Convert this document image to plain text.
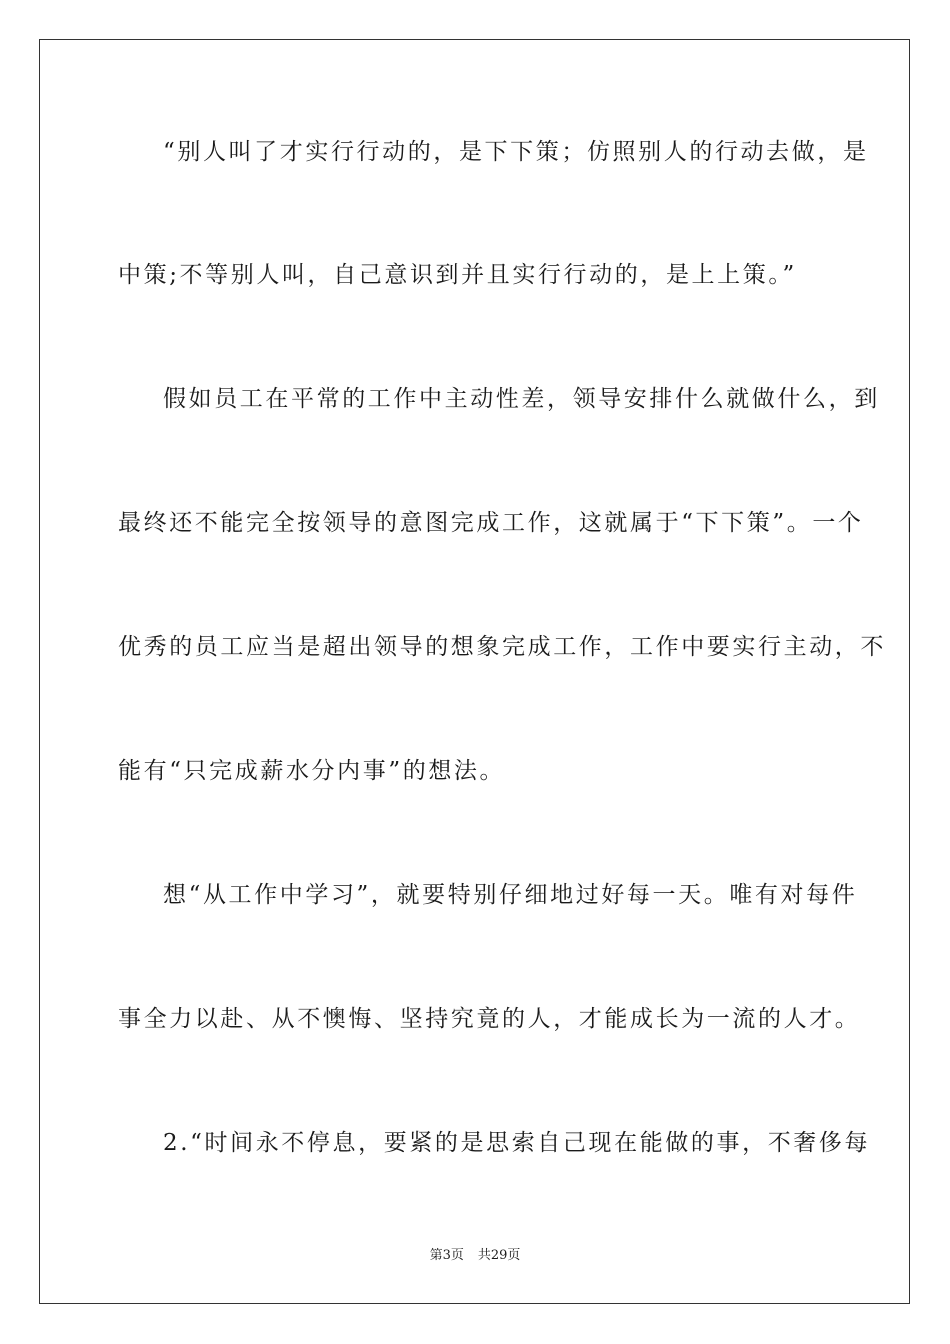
“别人叫了才实行行动的，是下下策；仿照别人的行动去做，是
中策;不等别人叫，自己意识到并且实行行动的，是上上策。”
假如员工在平常的工作中主动性差，领导安排什么就做什么，到
最终还不能完全按领导的意图完成工作，这就属于“下下策”。一个
优秀的员工应当是超出领导的想象完成工作，工作中要实行主动，不
能有“只完成薪水分内事”的想法。
想“从工作中学习”，就要特别仔细地过好每一天。唯有对每件
事全力以赴、从不懊悔、坚持究竟的人，才能成长为一流的人才。
2.“时间永不停息，要紧的是思索自己现在能做的事，不奢侈每
第3页 共29页
